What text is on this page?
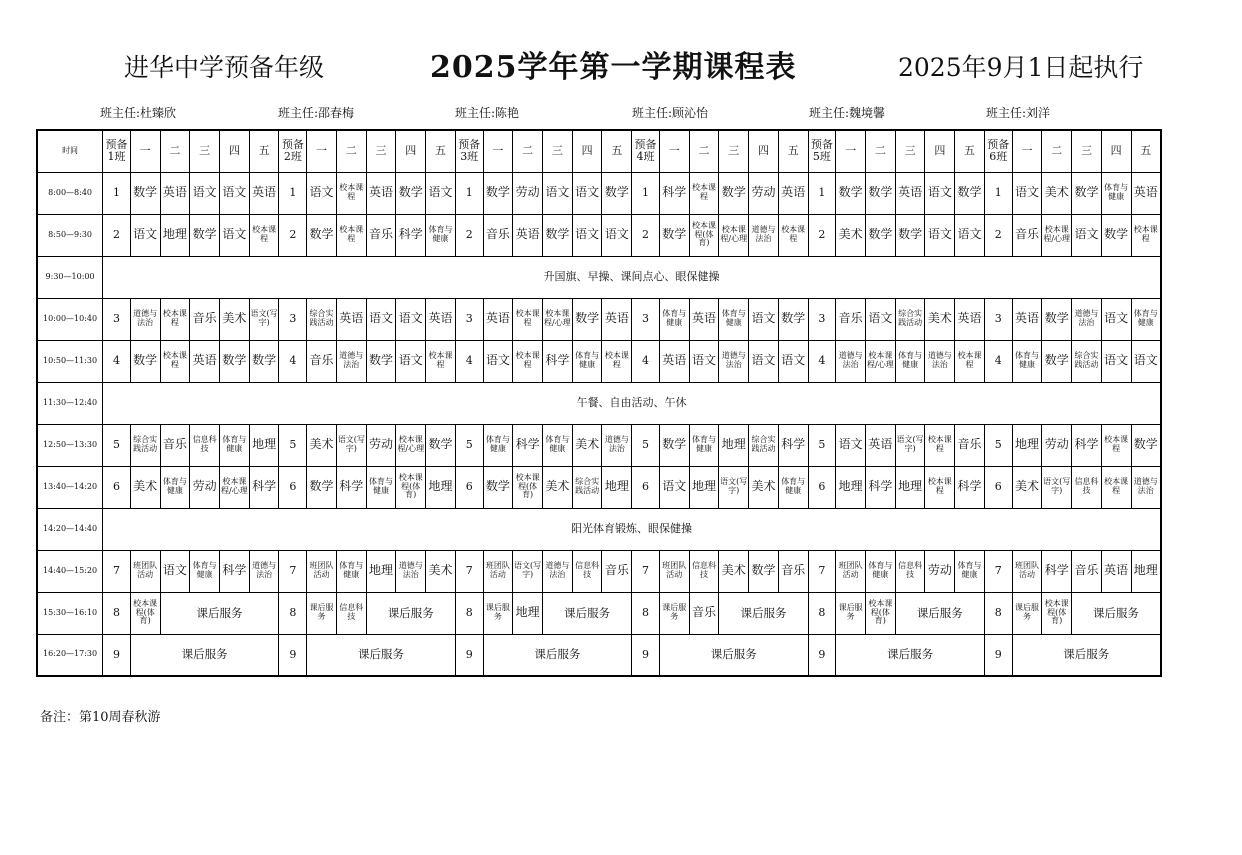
进华中学预备年级	2025学年第一学期课程表	2025年9月1日起执行
班主任:杜臻欣	班主任:邵春梅	班主任:陈艳	班主任:顾沁怡	班主任:魏境馨	班主任:刘洋
时间	预备1班	一	二	三	四	五	预备2班	一	二	三	四	五	预备3班	一	二	三	四	五	预备4班	一	二	三	四	五	预备5班	一	二	三	四	五	预备6班	一	二	三	四	五
8:00—8:40	1	数学	英语	语文	语文	英语	1	语文	校本课程	英语	数学	语文	1	数学	劳动	语文	语文	数学	1	科学	校本课程	数学	劳动	英语	1	数学	数学	英语	语文	数学	1	语文	美术	数学	体育与健康	英语
8:50—9:30	2	语文	地理	数学	语文	校本课程	2	数学	校本课程	音乐	科学	体育与健康	2	音乐	英语	数学	语文	语文	2	数学	校本课程(体育)	校本课程/心理	道德与法治	校本课程	2	美术	数学	数学	语文	语文	2	音乐	校本课程/心理	语文	数学	校本课程
9:30—10:00	升国旗、早操、课间点心、眼保健操																																			
10:00—10:40	3	道德与法治	校本课程	音乐	美术	语文(写字)	3	综合实践活动	英语	语文	语文	英语	3	英语	校本课程	校本课程/心理	数学	英语	3	体育与健康	英语	体育与健康	语文	数学	3	音乐	语文	综合实践活动	美术	英语	3	英语	数学	道德与法治	语文	体育与健康
10:50—11:30	4	数学	校本课程	英语	数学	数学	4	音乐	道德与法治	数学	语文	校本课程	4	语文	校本课程	科学	体育与健康	校本课程	4	英语	语文	道德与法治	语文	语文	4	道德与法治	校本课程/心理	体育与健康	道德与法治	校本课程	4	体育与健康	数学	综合实践活动	语文	语文
11:30—12:40	午餐、自由活动、午休																																			
12:50—13:30	5	综合实践活动	音乐	信息科技	体育与健康	地理	5	美术	语文(写字)	劳动	校本课程/心理	数学	5	体育与健康	科学	体育与健康	美术	道德与法治	5	数学	体育与健康	地理	综合实践活动	科学	5	语文	英语	语文(写字)	校本课程	音乐	5	地理	劳动	科学	校本课程	数学
13:40—14:20	6	美术	体育与健康	劳动	校本课程/心理	科学	6	数学	科学	体育与健康	校本课程(体育)	地理	6	数学	校本课程(体育)	美术	综合实践活动	地理	6	语文	地理	语文(写字)	美术	体育与健康	6	地理	科学	地理	校本课程	科学	6	美术	语文(写字)	信息科技	校本课程	道德与法治
14:20—14:40	阳光体育锻炼、眼保健操																																			
14:40—15:20	7	班团队活动	语文	体育与健康	科学	道德与法治	7	班团队活动	体育与健康	地理	道德与法治	美术	7	班团队活动	语文(写字)	道德与法治	信息科技	音乐	7	班团队活动	信息科技	美术	数学	音乐	7	班团队活动	体育与健康	信息科技	劳动	体育与健康	7	班团队活动	科学	音乐	英语	地理
15:30—16:10	8	校本课程(体育)	课后服务				8	课后服务	信息科技	课后服务			8	课后服务	地理	课后服务			8	课后服务	音乐	课后服务			8	课后服务	校本课程(体育)	课后服务			8	课后服务	校本课程(体育)	课后服务		
16:20—17:30	9	课后服务					9	课后服务					9	课后服务					9	课后服务					9	课后服务					9	课后服务				
备注：第10周春秋游
